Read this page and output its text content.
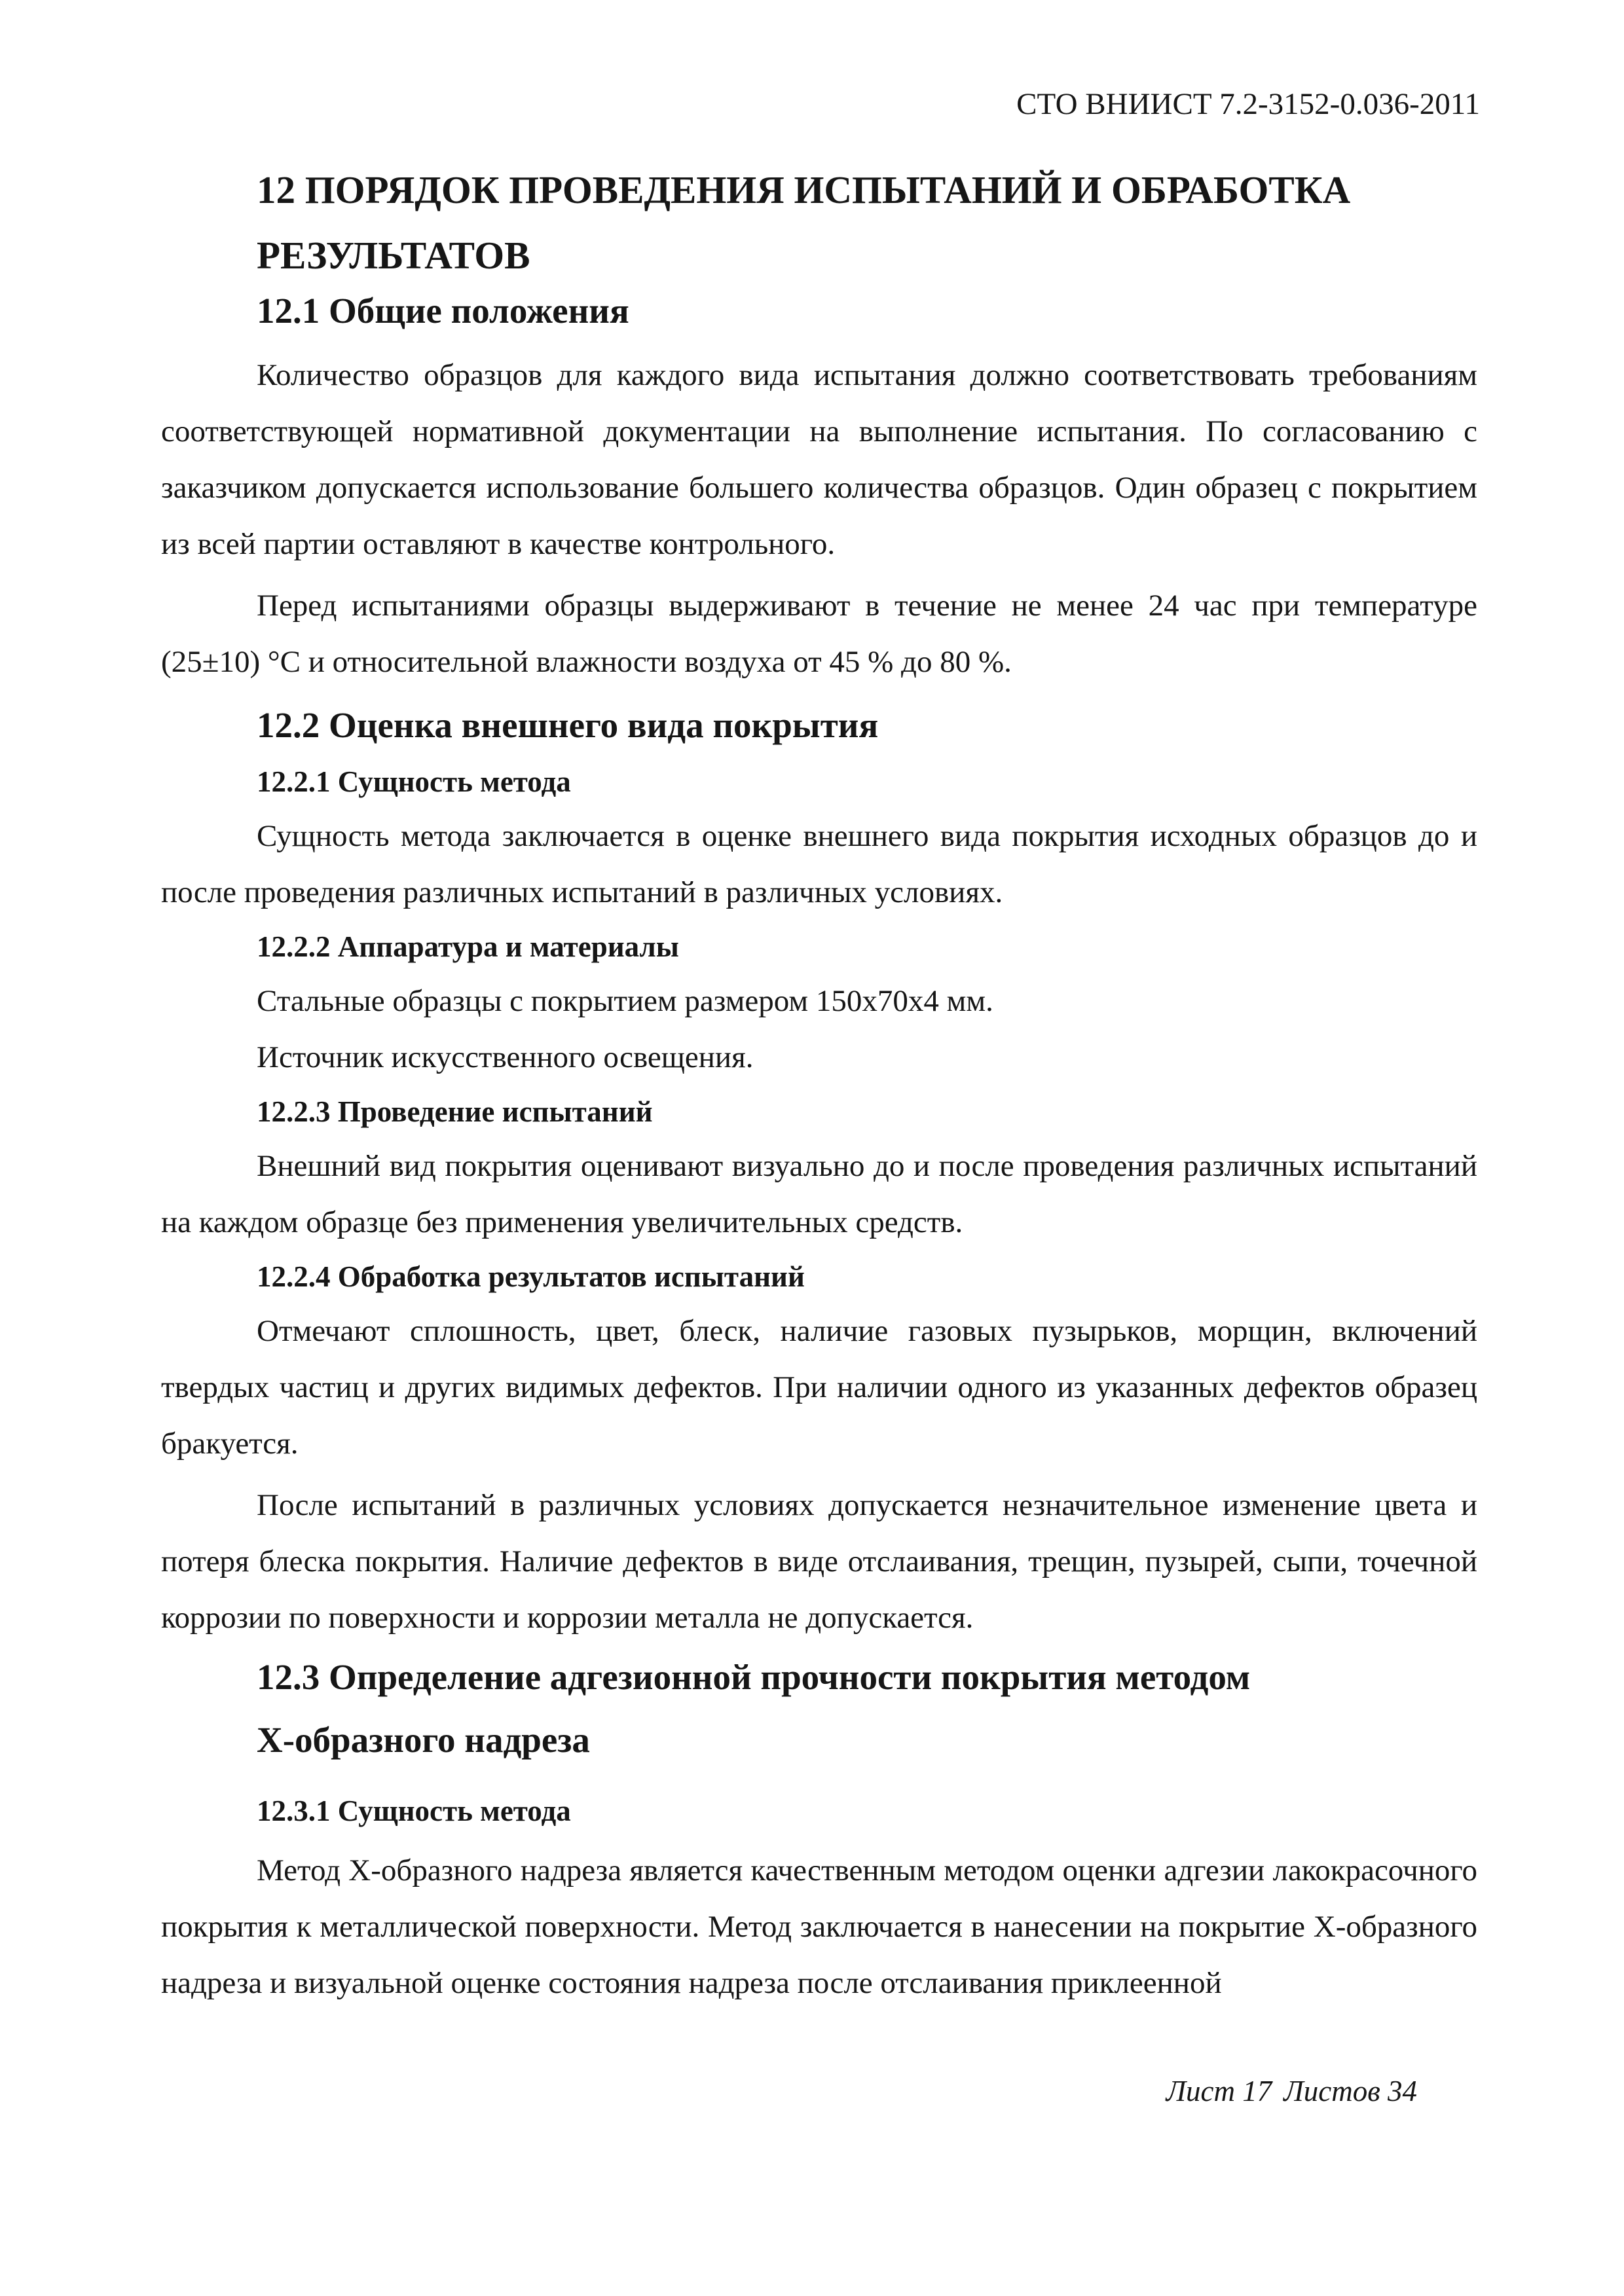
СТО ВНИИСТ 7.2-3152-0.036-2011
12 ПОРЯДОК ПРОВЕДЕНИЯ ИСПЫТАНИЙ И ОБРАБОТКА
РЕЗУЛЬТАТОВ
12.1 Общие положения

Количество образцов для каждого вида испытания должно соответствовать требованиям соответствующей нормативной документации на выполнение испытания. По согласованию с заказчиком допускается использование большего количества образцов. Один образец с покрытием из всей партии оставляют в качестве контрольного.

Перед испытаниями образцы выдерживают в течение не менее 24 час при температуре (25±10) °С и относительной влажности воздуха от 45 % до 80 %.

12.2 Оценка внешнего вида покрытия
12.2.1 Сущность метода

Сущность метода заключается в оценке внешнего вида покрытия исходных образцов до и после проведения различных испытаний в различных условиях.

12.2.2 Аппаратура и материалы

Стальные образцы с покрытием размером 150х70х4 мм.

Источник искусственного освещения.

12.2.3 Проведение испытаний

Внешний вид покрытия оценивают визуально до и после проведения различных испытаний на каждом образце без применения увеличительных средств.

12.2.4 Обработка результатов испытаний

Отмечают сплошность, цвет, блеск, наличие газовых пузырьков, морщин, включений твердых частиц и других видимых дефектов. При наличии одного из указанных дефектов образец бракуется.

После испытаний в различных условиях допускается незначительное изменение цвета и потеря блеска покрытия. Наличие дефектов в виде отслаивания, трещин, пузырей, сыпи, точечной коррозии по поверхности и коррозии металла не допускается.

12.3 Определение адгезионной прочности покрытия методом
Х-образного надреза
12.3.1 Сущность метода

Метод Х-образного надреза является качественным методом оценки адгезии лакокрасочного покрытия к металлической поверхности. Метод заключается в нанесении на покрытие Х-образного надреза и визуальной оценке состояния надреза после отслаивания приклеенной

Лист 17 Листов 34
